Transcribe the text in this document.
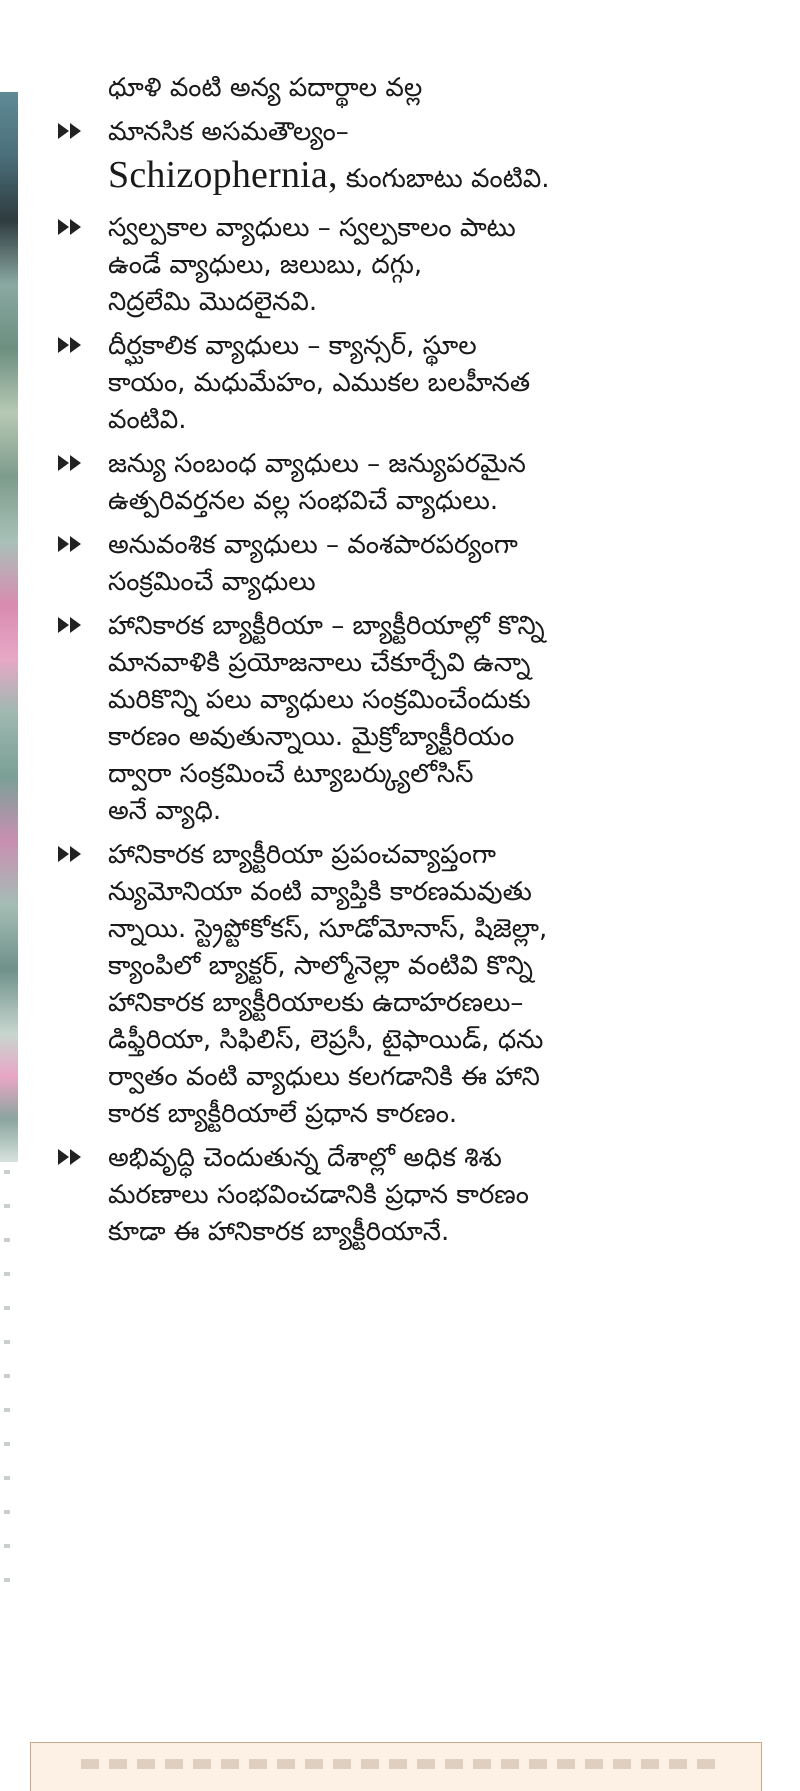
ధూళి వంటి అన్య పదార్థాల వల్ల
మానసిక అసమతౌల్యం–
Schizophernia, కుంగుబాటు వంటివి.
స్వల్పకాల వ్యాధులు – స్వల్పకాలం పాటు
ఉండే వ్యాధులు, జలుబు, దగ్గు,
నిద్రలేమి మొదలైనవి.
దీర్ఘకాలిక వ్యాధులు – క్యాన్సర్, స్థూల
కాయం, మధుమేహం, ఎముకల బలహీనత
వంటివి.
జన్యు సంబంధ వ్యాధులు – జన్యుపరమైన
ఉత్పరివర్తనల వల్ల సంభవిచే వ్యాధులు.
అనువంశిక వ్యాధులు – వంశపారపర్యంగా
సంక్రమించే వ్యాధులు
హానికారక బ్యాక్టీరియా – బ్యాక్టీరియాల్లో కొన్ని
మానవాళికి ప్రయోజనాలు చేకూర్చేవి ఉన్నా
మరికొన్ని పలు వ్యాధులు సంక్రమించేందుకు
కారణం అవుతున్నాయి. మైక్రోబ్యాక్టీరియం
ద్వారా సంక్రమించే ట్యూబర్క్యులోసిస్
అనే వ్యాధి.
హానికారక బ్యాక్టీరియా ప్రపంచవ్యాప్తంగా
న్యుమోనియా వంటి వ్యాప్తికి కారణమవుతు
న్నాయి. స్ట్రెప్టోకోకస్, సూడోమోనాస్, షిజెల్లా,
క్యాంపిలో బ్యాక్టర్, సాల్మోనెల్లా వంటివి కొన్ని
హానికారక బ్యాక్టీరియాలకు ఉదాహరణలు–
డిఫ్తీరియా, సిఫిలిస్, లెప్రసీ, టైఫాయిడ్, ధను
ర్వాతం వంటి వ్యాధులు కలగడానికి ఈ హాని
కారక బ్యాక్టీరియాలే ప్రధాన కారణం.
అభివృద్ధి చెందుతున్న దేశాల్లో అధిక శిశు
మరణాలు సంభవించడానికి ప్రధాన కారణం
కూడా ఈ హానికారక బ్యాక్టీరియానే.
